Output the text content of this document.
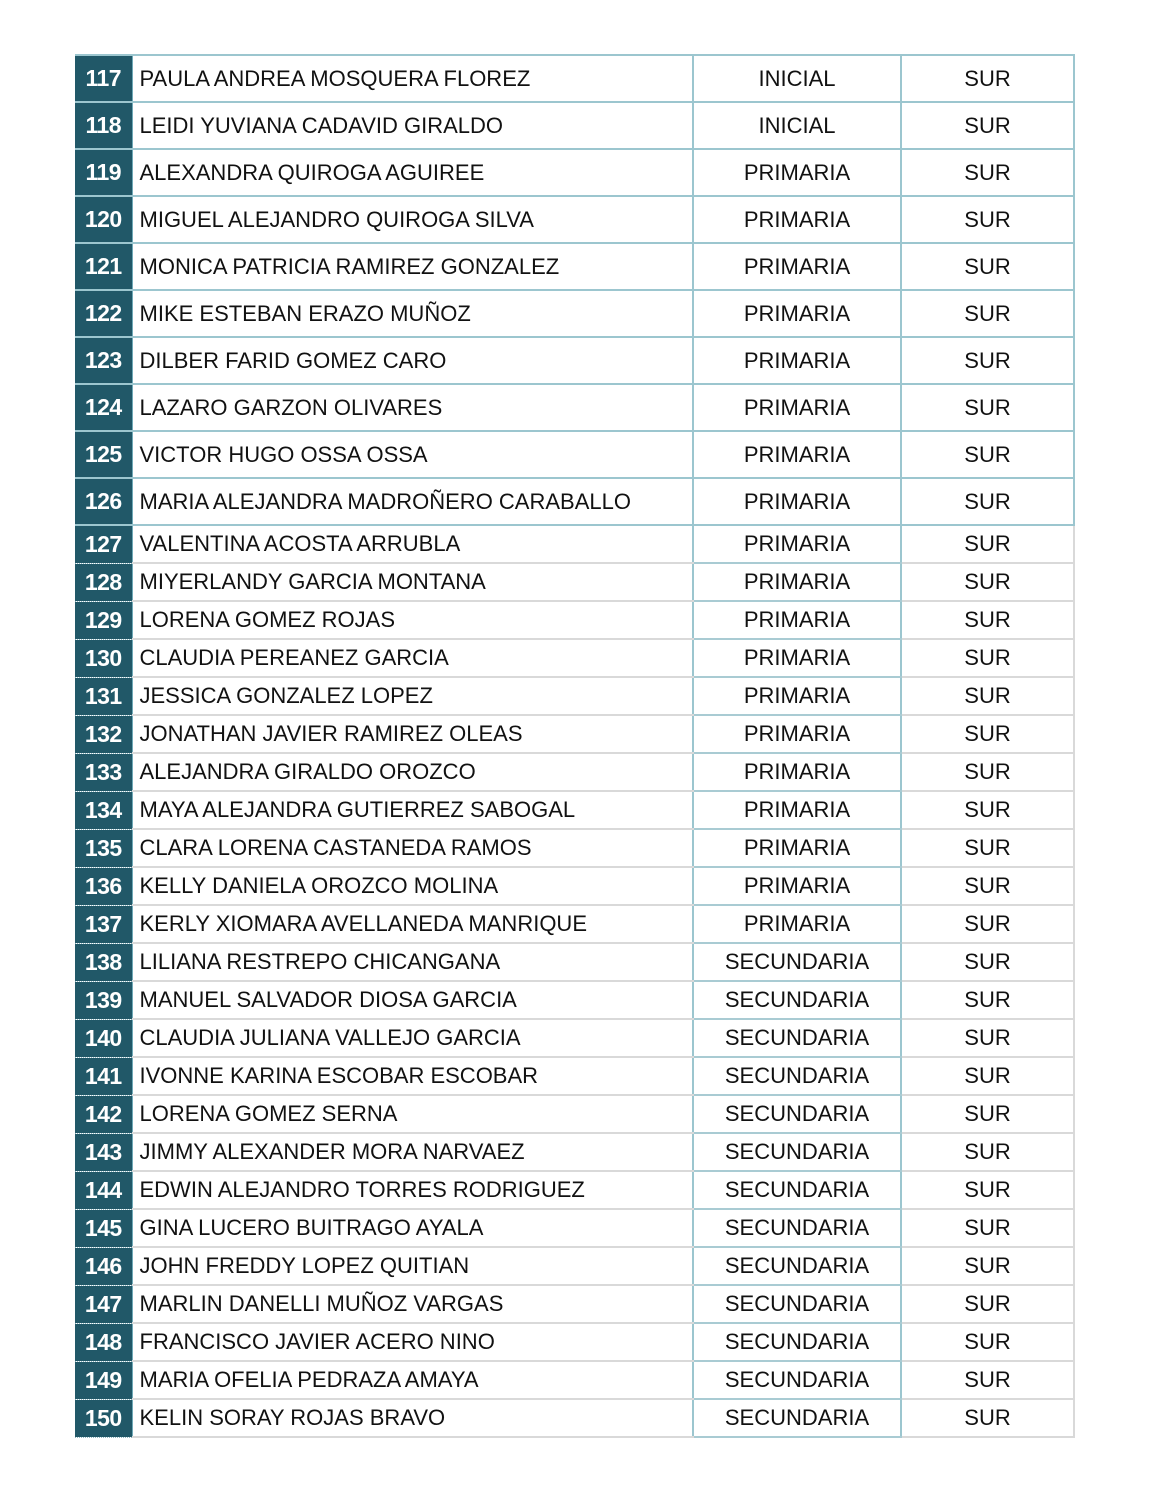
117	PAULA ANDREA MOSQUERA FLOREZ	INICIAL	SUR
118	LEIDI YUVIANA CADAVID GIRALDO	INICIAL	SUR
119	ALEXANDRA QUIROGA AGUIREE	PRIMARIA	SUR
120	MIGUEL ALEJANDRO QUIROGA SILVA	PRIMARIA	SUR
121	MONICA PATRICIA RAMIREZ GONZALEZ	PRIMARIA	SUR
122	MIKE ESTEBAN ERAZO MUÑOZ	PRIMARIA	SUR
123	DILBER FARID GOMEZ CARO	PRIMARIA	SUR
124	LAZARO GARZON OLIVARES	PRIMARIA	SUR
125	VICTOR HUGO OSSA OSSA	PRIMARIA	SUR
126	MARIA ALEJANDRA MADROÑERO CARABALLO	PRIMARIA	SUR
127	VALENTINA ACOSTA ARRUBLA	PRIMARIA	SUR
128	MIYERLANDY GARCIA MONTANA	PRIMARIA	SUR
129	LORENA GOMEZ ROJAS	PRIMARIA	SUR
130	CLAUDIA PEREANEZ GARCIA	PRIMARIA	SUR
131	JESSICA GONZALEZ LOPEZ	PRIMARIA	SUR
132	JONATHAN JAVIER RAMIREZ OLEAS	PRIMARIA	SUR
133	ALEJANDRA GIRALDO OROZCO	PRIMARIA	SUR
134	MAYA ALEJANDRA GUTIERREZ SABOGAL	PRIMARIA	SUR
135	CLARA LORENA CASTANEDA RAMOS	PRIMARIA	SUR
136	KELLY DANIELA OROZCO MOLINA	PRIMARIA	SUR
137	KERLY XIOMARA AVELLANEDA MANRIQUE	PRIMARIA	SUR
138	LILIANA RESTREPO CHICANGANA	SECUNDARIA	SUR
139	MANUEL SALVADOR DIOSA GARCIA	SECUNDARIA	SUR
140	CLAUDIA JULIANA VALLEJO GARCIA	SECUNDARIA	SUR
141	IVONNE KARINA ESCOBAR ESCOBAR	SECUNDARIA	SUR
142	LORENA GOMEZ SERNA	SECUNDARIA	SUR
143	JIMMY ALEXANDER MORA NARVAEZ	SECUNDARIA	SUR
144	EDWIN ALEJANDRO TORRES RODRIGUEZ	SECUNDARIA	SUR
145	GINA LUCERO BUITRAGO AYALA	SECUNDARIA	SUR
146	JOHN FREDDY LOPEZ QUITIAN	SECUNDARIA	SUR
147	MARLIN DANELLI MUÑOZ VARGAS	SECUNDARIA	SUR
148	FRANCISCO JAVIER ACERO NINO	SECUNDARIA	SUR
149	MARIA OFELIA PEDRAZA AMAYA	SECUNDARIA	SUR
150	KELIN SORAY ROJAS BRAVO	SECUNDARIA	SUR
